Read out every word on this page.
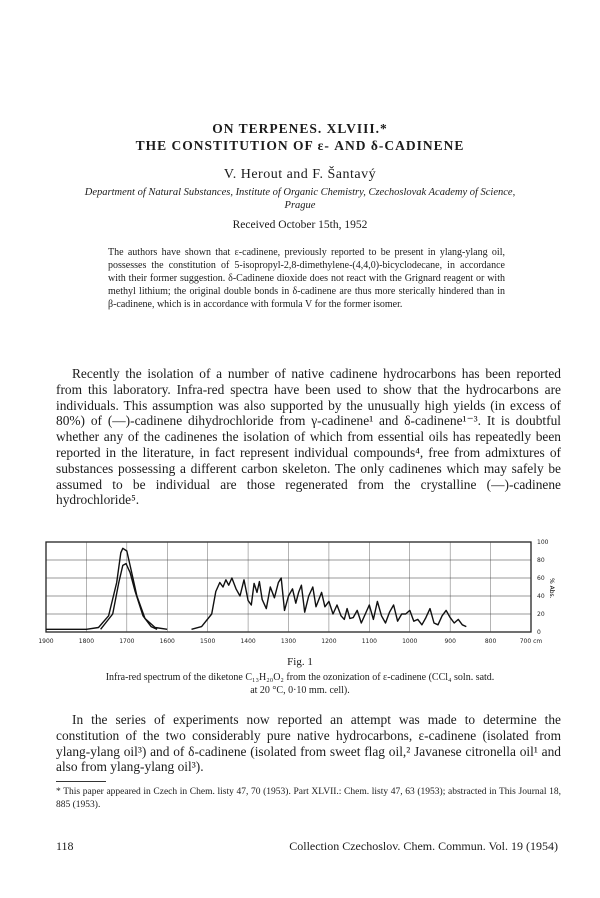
ON TERPENES. XLVIII.*
THE CONSTITUTION OF ε- AND δ-CADINENE
V. Herout and F. Šantavý
Department of Natural Substances, Institute of Organic Chemistry, Czechoslovak Academy of Science,
Prague
Received October 15th, 1952
The authors have shown that ε-cadinene, previously reported to be present in ylang-ylang oil, possesses the constitution of 5-isopropyl-2,8-dimethylene-(4,4,0)-bicyclodecane, in accordance with their former suggestion. δ-Cadinene dioxide does not react with the Grignard reagent or with methyl lithium; the original double bonds in δ-cadinene are thus more sterically hindered than in β-cadinene, which is in accordance with formula V for the former isomer.

Recently the isolation of a number of native cadinene hydrocarbons has been reported from this laboratory. Infra-red spectra have been used to show that the hydrocarbons are individuals. This assumption was also supported by the unusually high yields (in excess of 80%) of (—)-cadinene dihydrochloride from γ-cadinene¹ and δ-cadinene¹⁻³. It is doubtful whether any of the cadinenes the isolation of which from essential oils has repeatedly been reported in the literature, in fact represent individual compounds⁴, free from admixtures of substances possessing a different carbon skeleton. The only cadinenes which may safely be assumed to be individual are those regenerated from the crystalline (—)-cadinene hydrochloride⁵.

100
80
60
40
20
0
1900	1800	1700	1600	1500	1400	1300	1200	1100	1000	900	800	700 cm
% Abs.
Fig. 1
Infra-red spectrum of the diketone C₁₃H₂₀O₂ from the ozonization of ε-cadinene (CCl₄ soln. satd.
at 20 °C, 0·10 mm. cell).

In the series of experiments now reported an attempt was made to determine the constitution of the two considerably pure native hydrocarbons, ε-cadinene (isolated from ylang-ylang oil³) and of δ-cadinene (isolated from sweet flag oil,² Javanese citronella oil¹ and also from ylang-ylang oil³).

* This paper appeared in Czech in Chem. listy 47, 70 (1953). Part XLVII.: Chem. listy 47, 63 (1953); abstracted in This Journal 18, 885 (1953).
118	Collection Czechoslov. Chem. Commun. Vol. 19 (1954)
